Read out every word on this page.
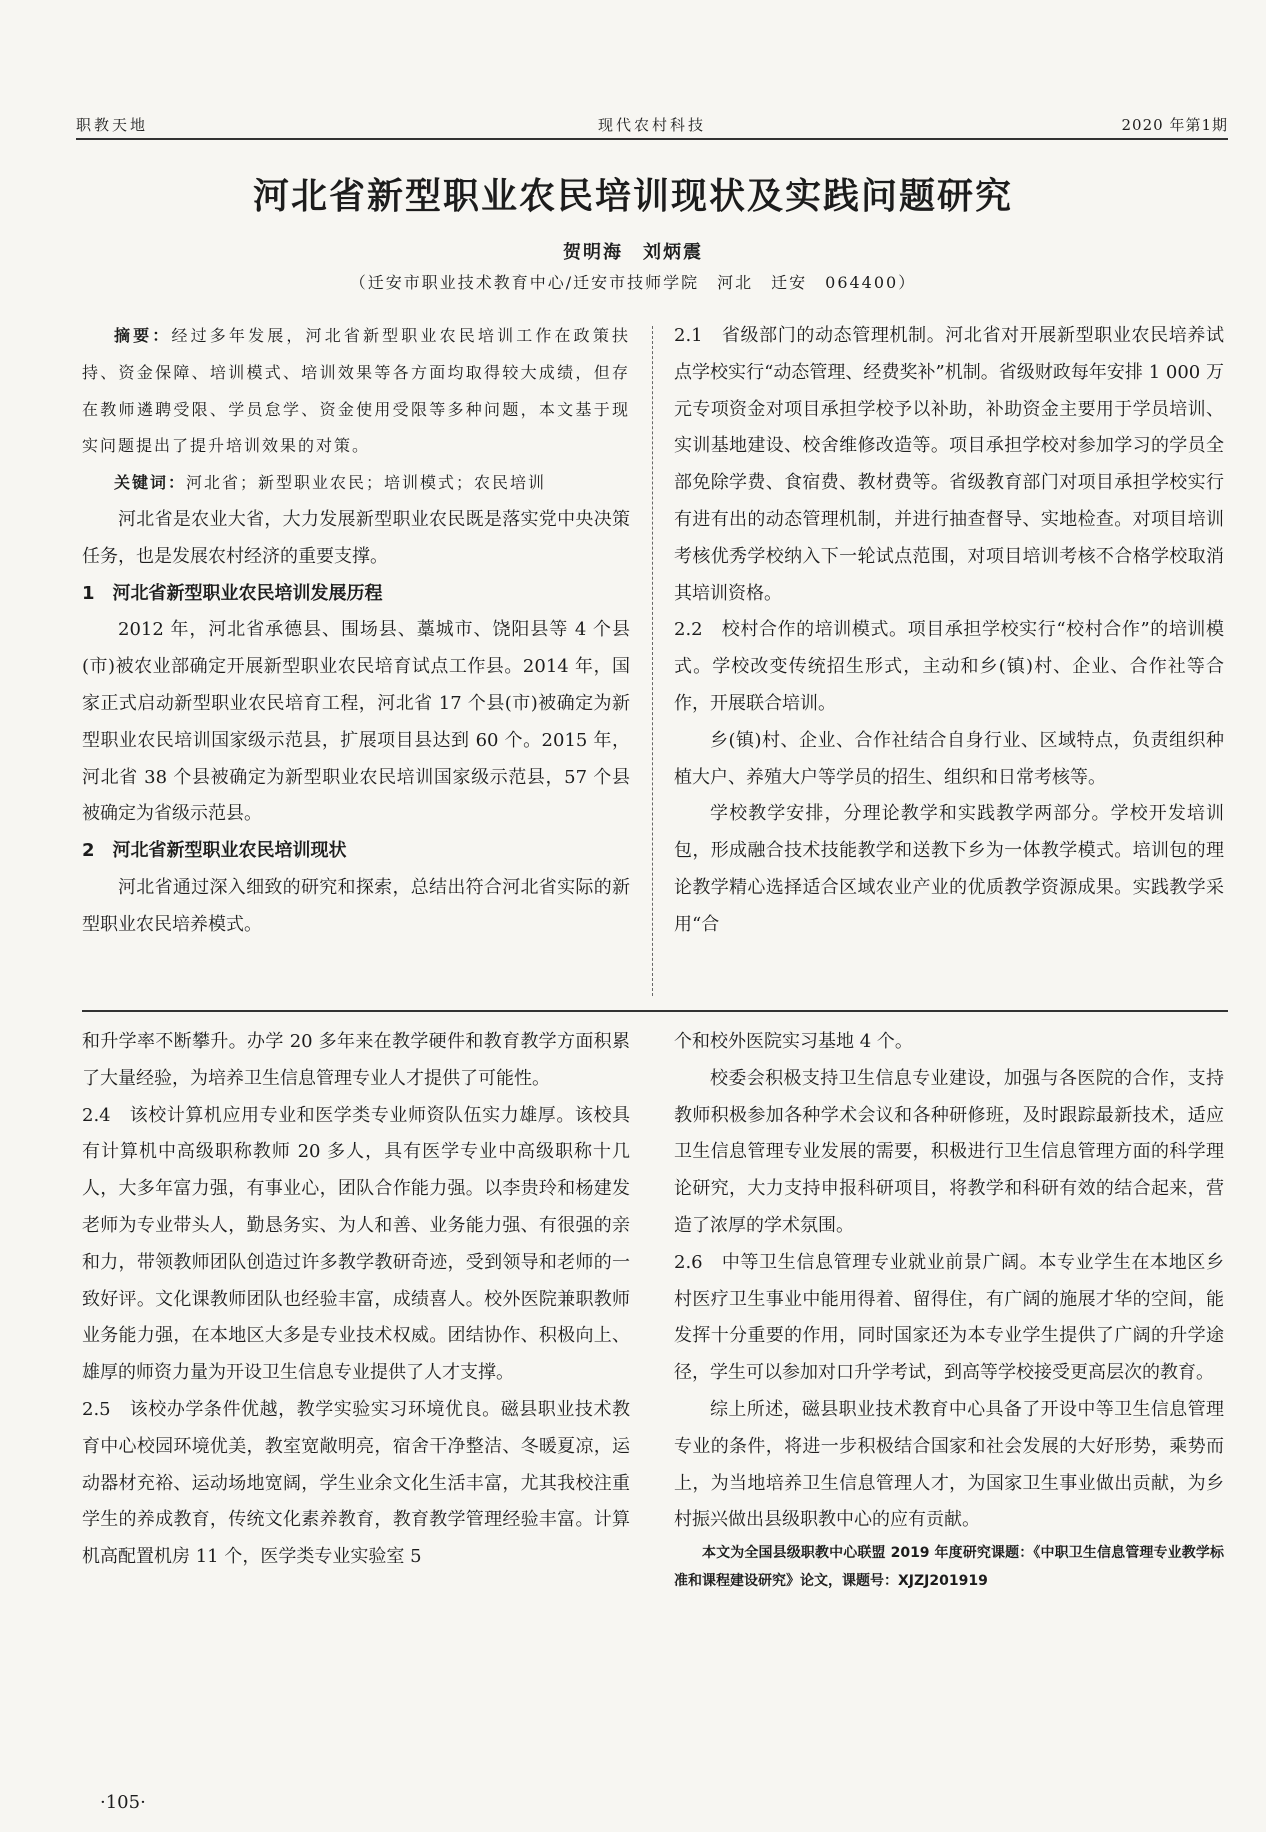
职教天地	现代农村科技	2020 年第1期
河北省新型职业农民培训现状及实践问题研究
贺明海　刘炳震
（迁安市职业技术教育中心/迁安市技师学院　河北　迁安　064400）

摘要：经过多年发展，河北省新型职业农民培训工作在政策扶持、资金保障、培训模式、培训效果等各方面均取得较大成绩，但存在教师遴聘受限、学员怠学、资金使用受限等多种问题，本文基于现实问题提出了提升培训效果的对策。

关键词：河北省；新型职业农民；培训模式；农民培训

河北省是农业大省，大力发展新型职业农民既是落实党中央决策任务，也是发展农村经济的重要支撑。

1　河北省新型职业农民培训发展历程

2012 年，河北省承德县、围场县、藁城市、饶阳县等 4 个县(市)被农业部确定开展新型职业农民培育试点工作县。2014 年，国家正式启动新型职业农民培育工程，河北省 17 个县(市)被确定为新型职业农民培训国家级示范县，扩展项目县达到 60 个。2015 年，河北省 38 个县被确定为新型职业农民培训国家级示范县，57 个县被确定为省级示范县。

2　河北省新型职业农民培训现状

河北省通过深入细致的研究和探索，总结出符合河北省实际的新型职业农民培养模式。

2.1　省级部门的动态管理机制。河北省对开展新型职业农民培养试点学校实行“动态管理、经费奖补”机制。省级财政每年安排 1 000 万元专项资金对项目承担学校予以补助，补助资金主要用于学员培训、实训基地建设、校舍维修改造等。项目承担学校对参加学习的学员全部免除学费、食宿费、教材费等。省级教育部门对项目承担学校实行有进有出的动态管理机制，并进行抽查督导、实地检查。对项目培训考核优秀学校纳入下一轮试点范围，对项目培训考核不合格学校取消其培训资格。

2.2　校村合作的培训模式。项目承担学校实行“校村合作”的培训模式。学校改变传统招生形式，主动和乡(镇)村、企业、合作社等合作，开展联合培训。

乡(镇)村、企业、合作社结合自身行业、区域特点，负责组织种植大户、养殖大户等学员的招生、组织和日常考核等。

学校教学安排，分理论教学和实践教学两部分。学校开发培训包，形成融合技术技能教学和送教下乡为一体教学模式。培训包的理论教学精心选择适合区域农业产业的优质教学资源成果。实践教学采用“合

和升学率不断攀升。办学 20 多年来在教学硬件和教育教学方面积累了大量经验，为培养卫生信息管理专业人才提供了可能性。

2.4　该校计算机应用专业和医学类专业师资队伍实力雄厚。该校具有计算机中高级职称教师 20 多人，具有医学专业中高级职称十几人，大多年富力强，有事业心，团队合作能力强。以李贵玲和杨建发老师为专业带头人，勤恳务实、为人和善、业务能力强、有很强的亲和力，带领教师团队创造过许多教学教研奇迹，受到领导和老师的一致好评。文化课教师团队也经验丰富，成绩喜人。校外医院兼职教师业务能力强，在本地区大多是专业技术权威。团结协作、积极向上、雄厚的师资力量为开设卫生信息专业提供了人才支撑。

2.5　该校办学条件优越，教学实验实习环境优良。磁县职业技术教育中心校园环境优美，教室宽敞明亮，宿舍干净整洁、冬暖夏凉，运动器材充裕、运动场地宽阔，学生业余文化生活丰富，尤其我校注重学生的养成教育，传统文化素养教育，教育教学管理经验丰富。计算机高配置机房 11 个，医学类专业实验室 5

个和校外医院实习基地 4 个。

校委会积极支持卫生信息专业建设，加强与各医院的合作，支持教师积极参加各种学术会议和各种研修班，及时跟踪最新技术，适应卫生信息管理专业发展的需要，积极进行卫生信息管理方面的科学理论研究，大力支持申报科研项目，将教学和科研有效的结合起来，营造了浓厚的学术氛围。

2.6　中等卫生信息管理专业就业前景广阔。本专业学生在本地区乡村医疗卫生事业中能用得着、留得住，有广阔的施展才华的空间，能发挥十分重要的作用，同时国家还为本专业学生提供了广阔的升学途径，学生可以参加对口升学考试，到高等学校接受更高层次的教育。

综上所述，磁县职业技术教育中心具备了开设中等卫生信息管理专业的条件，将进一步积极结合国家和社会发展的大好形势，乘势而上，为当地培养卫生信息管理人才，为国家卫生事业做出贡献，为乡村振兴做出县级职教中心的应有贡献。

本文为全国县级职教中心联盟 2019 年度研究课题：《中职卫生信息管理专业教学标准和课程建设研究》论文，课题号：XJZJ201919

·105·
